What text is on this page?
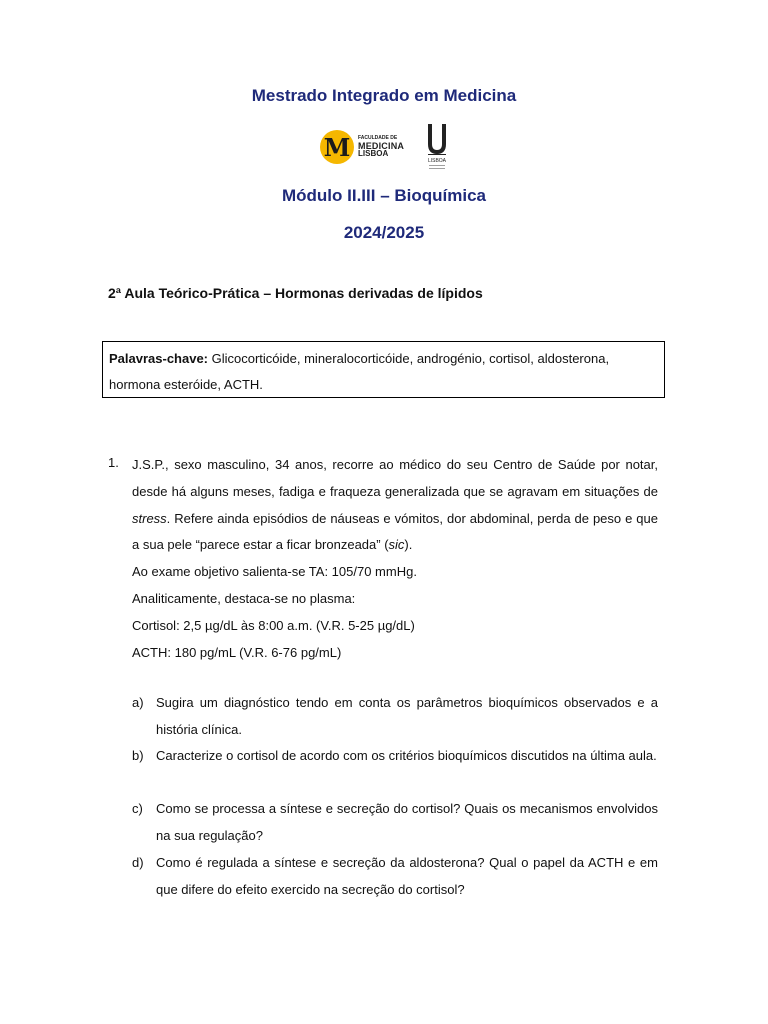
Mestrado Integrado em Medicina
M FACULDADE DE
MEDICINA
LISBOA
LISBOA
Módulo II.III – Bioquímica
2024/2025
2ª Aula Teórico-Prática – Hormonas derivadas de lípidos
Palavras-chave: Glicocorticóide, mineralocorticóide, androgénio, cortisol, aldosterona, hormona esteróide, ACTH.
1. J.S.P., sexo masculino, 34 anos, recorre ao médico do seu Centro de Saúde por notar, desde há alguns meses, fadiga e fraqueza generalizada que se agravam em situações de stress. Refere ainda episódios de náuseas e vómitos, dor abdominal, perda de peso e que a sua pele “parece estar a ficar bronzeada” (sic).

Ao exame objetivo salienta-se TA: 105/70 mmHg.

Analiticamente, destaca-se no plasma:

Cortisol: 2,5 µg/dL às 8:00 a.m. (V.R. 5-25 µg/dL)

ACTH: 180 pg/mL (V.R. 6-76 pg/mL)

a) Sugira um diagnóstico tendo em conta os parâmetros bioquímicos observados e a história clínica.
b) Caracterize o cortisol de acordo com os critérios bioquímicos discutidos na última aula.
c) Como se processa a síntese e secreção do cortisol? Quais os mecanismos envolvidos na sua regulação?
d) Como é regulada a síntese e secreção da aldosterona? Qual o papel da ACTH e em que difere do efeito exercido na secreção do cortisol?
